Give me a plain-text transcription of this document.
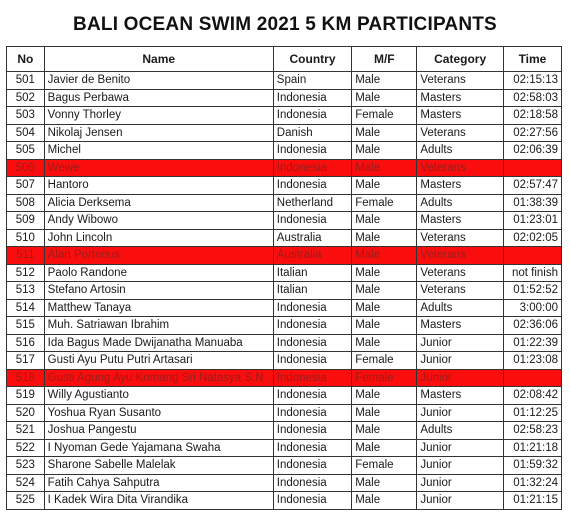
BALI OCEAN SWIM 2021 5 KM PARTICIPANTS
No	Name	Country	M/F	Category	Time
501	Javier de Benito	Spain	Male	Veterans	02:15:13
502	Bagus Perbawa	Indonesia	Male	Masters	02:58:03
503	Vonny Thorley	Indonesia	Female	Masters	02:18:58
504	Nikolaj Jensen	Danish	Male	Veterans	02:27:56
505	Michel	Indonesia	Male	Adults	02:06:39
506	Wewe	Indonesia	Male	Veterans	
507	Hantoro	Indonesia	Male	Masters	02:57:47
508	Alicia Derksema	Netherland	Female	Adults	01:38:39
509	Andy Wibowo	Indonesia	Male	Masters	01:23:01
510	John Lincoln	Australia	Male	Veterans	02:02:05
511	Alan Porteous	Australia	Male	Veterans	
512	Paolo Randone	Italian	Male	Veterans	not finish
513	Stefano Artosin	Italian	Male	Veterans	01:52:52
514	Matthew Tanaya	Indonesia	Male	Adults	3:00:00
515	Muh. Satriawan Ibrahim	Indonesia	Male	Masters	02:36:06
516	Ida Bagus Made Dwijanatha Manuaba	Indonesia	Male	Junior	01:22:39
517	Gusti Ayu Putu Putri Artasari	Indonesia	Female	Junior	01:23:08
518	Gusti Agung Ayu Komang Sri Natasya S.N	Indonesia	Female	Junior	
519	Willy Agustianto	Indonesia	Male	Masters	02:08:42
520	Yoshua Ryan Susanto	Indonesia	Male	Junior	01:12:25
521	Joshua Pangestu	Indonesia	Male	Adults	02:58:23
522	I Nyoman Gede Yajamana Swaha	Indonesia	Male	Junior	01:21:18
523	Sharone Sabelle Malelak	Indonesia	Female	Junior	01:59:32
524	Fatih Cahya Sahputra	Indonesia	Male	Junior	01:32:24
525	I Kadek Wira Dita Virandika	Indonesia	Male	Junior	01:21:15
